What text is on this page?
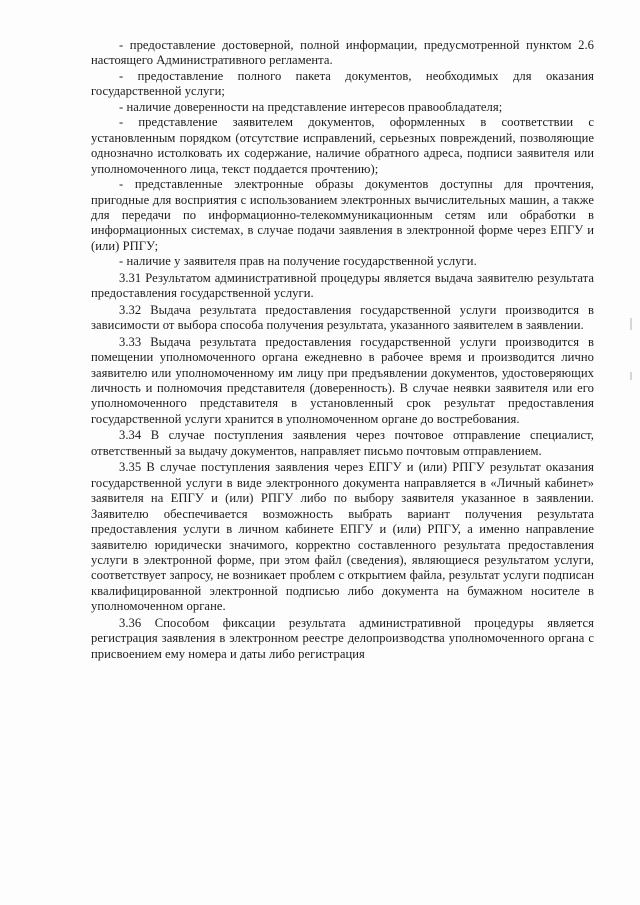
- предоставление достоверной, полной информации, предусмотренной пунктом 2.6 настоящего Административного регламента.

- предоставление полного пакета документов, необходимых для оказания государственной услуги;

- наличие доверенности на представление интересов правообладателя;

- представление заявителем документов, оформленных в соответствии с установленным порядком (отсутствие исправлений, серьезных повреждений, позволяющие однозначно истолковать их содержание, наличие обратного адреса, подписи заявителя или уполномоченного лица, текст поддается прочтению);

- представленные электронные образы документов доступны для прочтения, пригодные для восприятия с использованием электронных вычислительных машин, а также для передачи по информационно-телекоммуникационным сетям или обработки в информационных системах, в случае подачи заявления в электронной форме через ЕПГУ и (или) РПГУ;

- наличие у заявителя прав на получение государственной услуги.

3.31 Результатом административной процедуры является выдача заявителю результата предоставления государственной услуги.

3.32 Выдача результата предоставления государственной услуги производится в зависимости от выбора способа получения результата, указанного заявителем в заявлении.

3.33 Выдача результата предоставления государственной услуги производится в помещении уполномоченного органа ежедневно в рабочее время и производится лично заявителю или уполномоченному им лицу при предъявлении документов, удостоверяющих личность и полномочия представителя (доверенность). В случае неявки заявителя или его уполномоченного представителя в установленный срок результат предоставления государственной услуги хранится в уполномоченном органе до востребования.

3.34 В случае поступления заявления через почтовое отправление специалист, ответственный за выдачу документов, направляет письмо почтовым отправлением.

3.35 В случае поступления заявления через ЕПГУ и (или) РПГУ результат оказания государственной услуги в виде электронного документа направляется в «Личный кабинет» заявителя на ЕПГУ и (или) РПГУ либо по выбору заявителя указанное в заявлении. Заявителю обеспечивается возможность выбрать вариант получения результата предоставления услуги в личном кабинете ЕПГУ и (или) РПГУ, а именно направление заявителю юридически значимого, корректно составленного результата предоставления услуги в электронной форме, при этом файл (сведения), являющиеся результатом услуги, соответствует запросу, не возникает проблем с открытием файла, результат услуги подписан квалифицированной электронной подписью либо документа на бумажном носителе в уполномоченном органе.

3.36 Способом фиксации результата административной процедуры является регистрация заявления в электронном реестре делопроизводства уполномоченного органа с присвоением ему номера и даты либо регистрация
